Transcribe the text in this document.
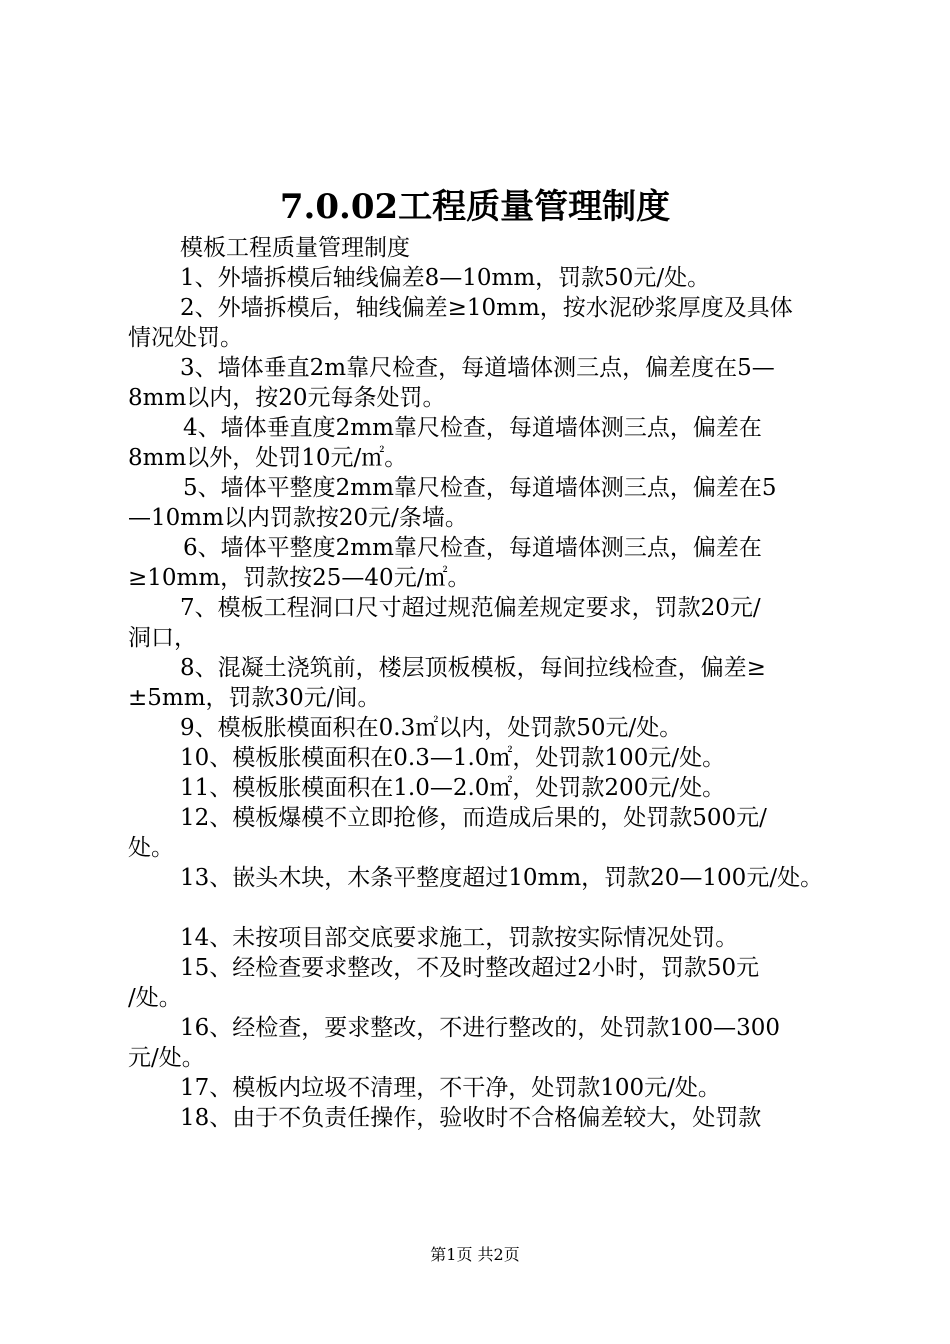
7.0.02工程质量管理制度
模板工程质量管理制度
1、外墙拆模后轴线偏差8—10mm，罚款50元/处。
2、外墙拆模后，轴线偏差≥10mm，按水泥砂浆厚度及具体
情况处罚。
3、墙体垂直2m靠尺检查，每道墙体测三点，偏差度在5—
8mm以内，按20元每条处罚。
4、墙体垂直度2mm靠尺检查，每道墙体测三点，偏差在
8mm以外，处罚10元/㎡。
5、墙体平整度2mm靠尺检查，每道墙体测三点，偏差在5
—10mm以内罚款按20元/条墙。
6、墙体平整度2mm靠尺检查，每道墙体测三点，偏差在
≥10mm，罚款按25—40元/㎡。
7、模板工程洞口尺寸超过规范偏差规定要求，罚款20元/
洞口，
8、混凝土浇筑前，楼层顶板模板，每间拉线检查，偏差≥
±5mm，罚款30元/间。
9、模板胀模面积在0.3㎡以内，处罚款50元/处。
10、模板胀模面积在0.3—1.0㎡，处罚款100元/处。
11、模板胀模面积在1.0—2.0㎡，处罚款200元/处。
12、模板爆模不立即抢修，而造成后果的，处罚款500元/
处。
13、嵌头木块，木条平整度超过10mm，罚款20—100元/处。
14、未按项目部交底要求施工，罚款按实际情况处罚。
15、经检查要求整改，不及时整改超过2小时，罚款50元
/处。
16、经检查，要求整改，不进行整改的，处罚款100—300
元/处。
17、模板内垃圾不清理，不干净，处罚款100元/处。
18、由于不负责任操作，验收时不合格偏差较大，处罚款
第1页 共2页
